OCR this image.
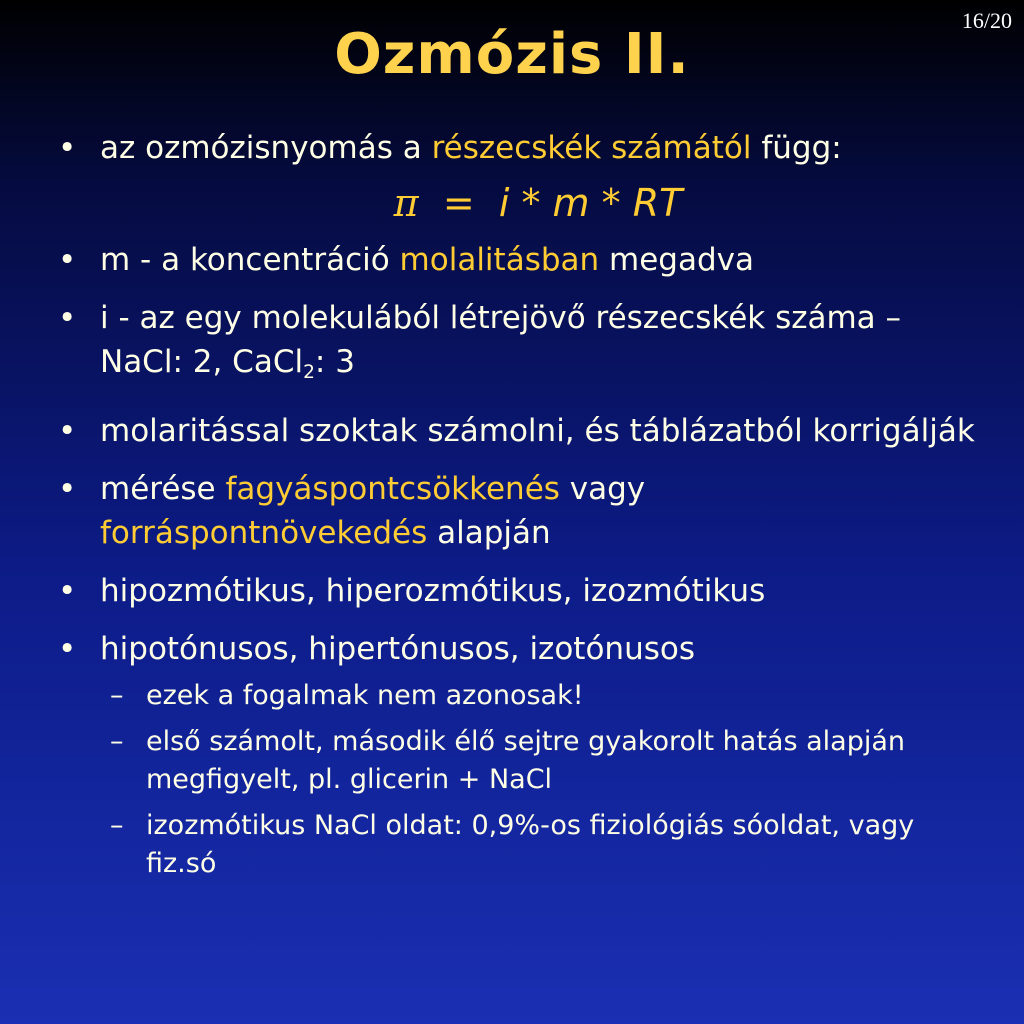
16/20
Ozmózis II.
• az ozmózisnyomás a részecskék számától függ:
π  =  i * m * RT
• m - a koncentráció molalitásban megadva
• i - az egy molekulából létrejövő részecskék száma – NaCl: 2, CaCl$_2$: 3
• molaritással szoktak számolni, és táblázatból korrigálják
• mérése fagyáspontcsökkenés vagy forráspontnövekedés alapján
• hipozmótikus, hiperozmótikus, izozmótikus
• hipotónusos, hipertónusos, izotónusos
– ezek a fogalmak nem azonosak!
– első számolt, második élő sejtre gyakorolt hatás alapján megfigyelt, pl. glicerin + NaCl
– izozmótikus NaCl oldat: 0,9%-os fiziológiás sóoldat, vagy fiz.só
